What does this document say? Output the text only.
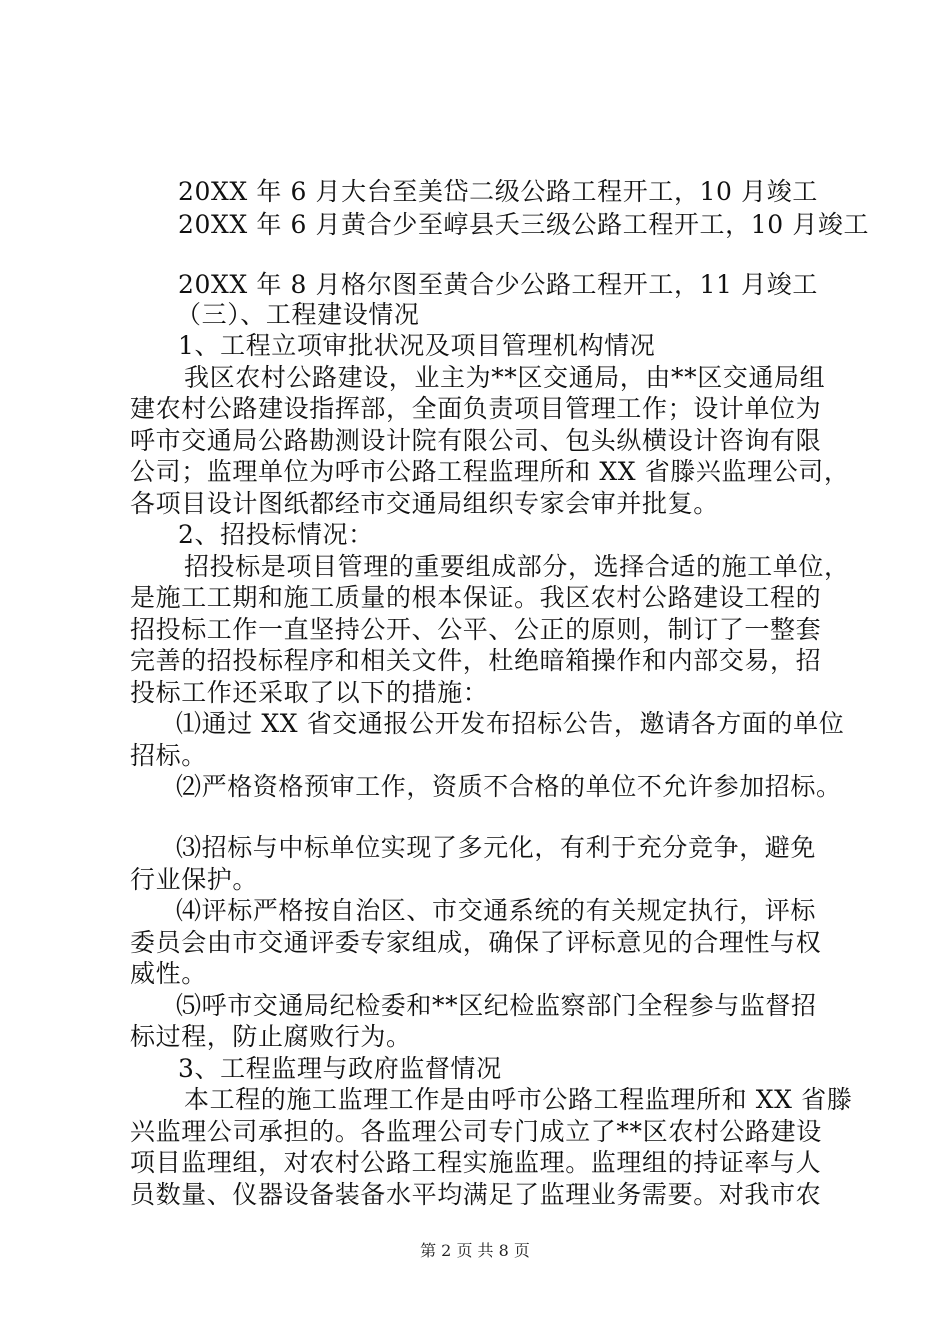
20XX 年 6 月大台至美岱二级公路工程开工，10 月竣工

20XX 年 6 月黄合少至崞县夭三级公路工程开工，10 月竣工

20XX 年 8 月格尔图至黄合少公路工程开工，11 月竣工

（三）、工程建设情况

1、工程立项审批状况及项目管理机构情况

我区农村公路建设，业主为**区交通局，由**区交通局组

建农村公路建设指挥部，全面负责项目管理工作；设计单位为

呼市交通局公路勘测设计院有限公司、包头纵横设计咨询有限

公司；监理单位为呼市公路工程监理所和 XX 省滕兴监理公司，

各项目设计图纸都经市交通局组织专家会审并批复。

2、招投标情况：

招投标是项目管理的重要组成部分，选择合适的施工单位，

是施工工期和施工质量的根本保证。我区农村公路建设工程的

招投标工作一直坚持公开、公平、公正的原则，制订了一整套

完善的招投标程序和相关文件，杜绝暗箱操作和内部交易，招

投标工作还采取了以下的措施：

⑴通过 XX 省交通报公开发布招标公告，邀请各方面的单位

招标。

⑵严格资格预审工作，资质不合格的单位不允许参加招标。

⑶招标与中标单位实现了多元化，有利于充分竞争，避免

行业保护。

⑷评标严格按自治区、市交通系统的有关规定执行，评标

委员会由市交通评委专家组成，确保了评标意见的合理性与权

威性。

⑸呼市交通局纪检委和**区纪检监察部门全程参与监督招

标过程，防止腐败行为。

3、工程监理与政府监督情况

本工程的施工监理工作是由呼市公路工程监理所和 XX 省滕

兴监理公司承担的。各监理公司专门成立了**区农村公路建设

项目监理组，对农村公路工程实施监理。监理组的持证率与人

员数量、仪器设备装备水平均满足了监理业务需要。对我市农

第 2 页 共 8 页
